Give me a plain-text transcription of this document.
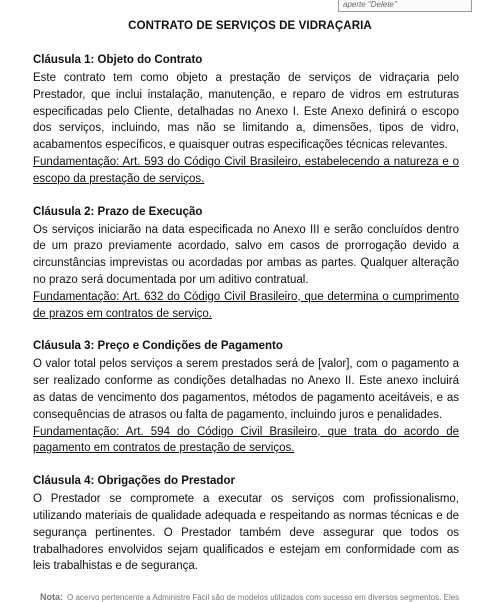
aperte "Delete"
CONTRATO DE SERVIÇOS DE VIDRAÇARIA
Cláusula 1: Objeto do Contrato

Este contrato tem como objeto a prestação de serviços de vidraçaria pelo Prestador, que inclui instalação, manutenção, e reparo de vidros em estruturas especificadas pelo Cliente, detalhadas no Anexo I. Este Anexo definirá o escopo dos serviços, incluindo, mas não se limitando a, dimensões, tipos de vidro, acabamentos específicos, e quaisquer outras especificações técnicas relevantes.

Fundamentação: Art. 593 do Código Civil Brasileiro, estabelecendo a natureza e o escopo da prestação de serviços.
Cláusula 2: Prazo de Execução

Os serviços iniciarão na data especificada no Anexo III e serão concluídos dentro de um prazo previamente acordado, salvo em casos de prorrogação devido a circunstâncias imprevistas ou acordadas por ambas as partes. Qualquer alteração no prazo será documentada por um aditivo contratual.

Fundamentação: Art. 632 do Código Civil Brasileiro, que determina o cumprimento de prazos em contratos de serviço.
Cláusula 3: Preço e Condições de Pagamento

O valor total pelos serviços a serem prestados será de [valor], com o pagamento a ser realizado conforme as condições detalhadas no Anexo II. Este anexo incluirá as datas de vencimento dos pagamentos, métodos de pagamento aceitáveis, e as consequências de atrasos ou falta de pagamento, incluindo juros e penalidades.

Fundamentação: Art. 594 do Código Civil Brasileiro, que trata do acordo de pagamento em contratos de prestação de serviços.
Cláusula 4: Obrigações do Prestador

O Prestador se compromete a executar os serviços com profissionalismo, utilizando materiais de qualidade adequada e respeitando as normas técnicas e de segurança pertinentes. O Prestador também deve assegurar que todos os trabalhadores envolvidos sejam qualificados e estejam em conformidade com as leis trabalhistas e de segurança.

Nota: O acervo pertencente a Administre Fácil são de modelos utilizados com sucesso em diversos segmentos. Eles
